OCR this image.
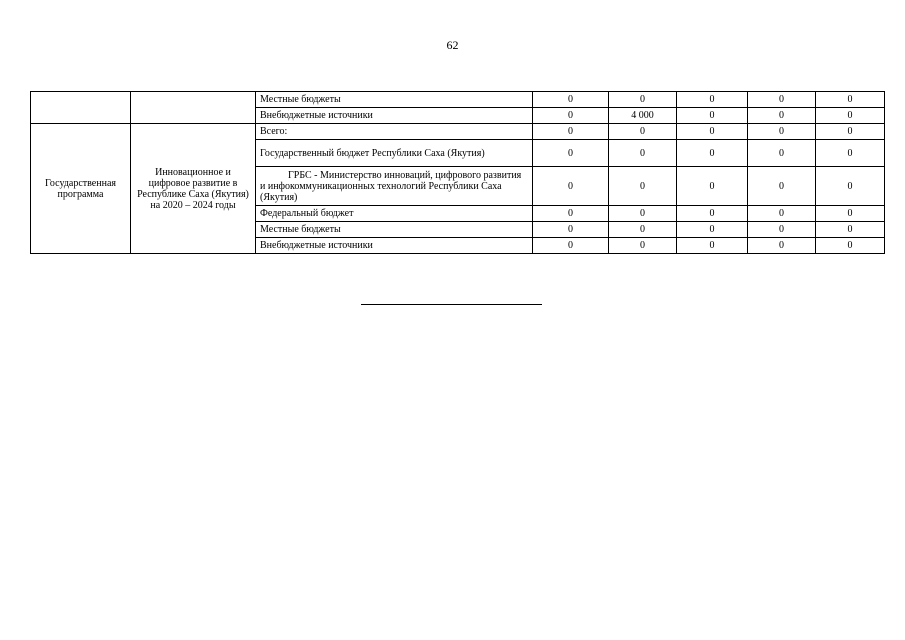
62
		Местные бюджеты	0	0	0	0	0
		Внебюджетные источники	0	4 000	0	0	0
Государственная программа	Инновационное и цифровое развитие в Республике Саха (Якутия) на 2020 – 2024 годы	Всего:	0	0	0	0	0
		Государственный бюджет Республики Саха (Якутия)	0	0	0	0	0
		ГРБС - Министерство инноваций, цифрового развития и инфокоммуникационных технологий Республики Саха (Якутия)	0	0	0	0	0
		Федеральный бюджет	0	0	0	0	0
		Местные бюджеты	0	0	0	0	0
		Внебюджетные источники	0	0	0	0	0
